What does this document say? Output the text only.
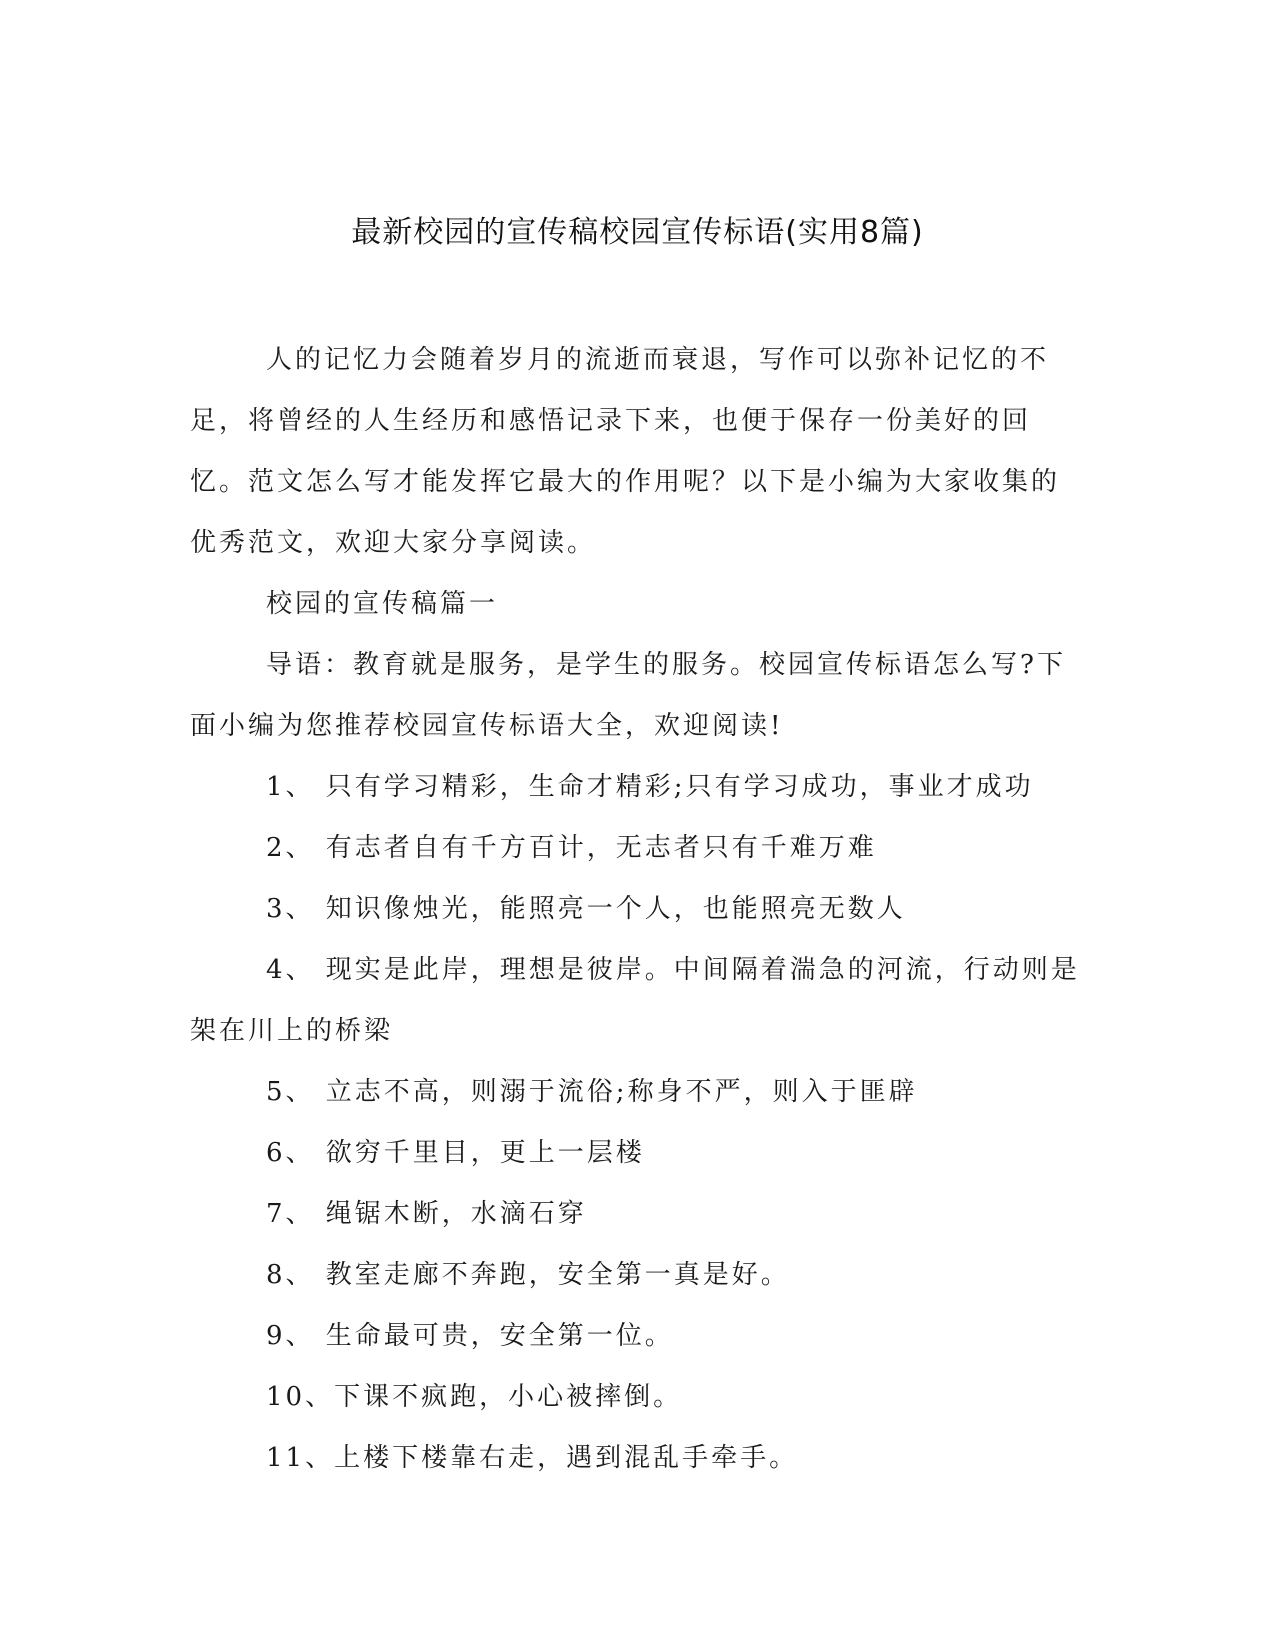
最新校园的宣传稿校园宣传标语(实用8篇)

人的记忆力会随着岁月的流逝而衰退，写作可以弥补记忆的不足，将曾经的人生经历和感悟记录下来，也便于保存一份美好的回忆。范文怎么写才能发挥它最大的作用呢？以下是小编为大家收集的优秀范文，欢迎大家分享阅读。

校园的宣传稿篇一

导语：教育就是服务，是学生的服务。校园宣传标语怎么写?下面小编为您推荐校园宣传标语大全，欢迎阅读!

1、 只有学习精彩，生命才精彩;只有学习成功，事业才成功

2、 有志者自有千方百计，无志者只有千难万难

3、 知识像烛光，能照亮一个人，也能照亮无数人

4、 现实是此岸，理想是彼岸。中间隔着湍急的河流，行动则是架在川上的桥梁

5、 立志不高，则溺于流俗;称身不严，则入于匪辟

6、 欲穷千里目，更上一层楼

7、 绳锯木断，水滴石穿

8、 教室走廊不奔跑，安全第一真是好。

9、 生命最可贵，安全第一位。

10、下课不疯跑，小心被摔倒。

11、上楼下楼靠右走，遇到混乱手牵手。
